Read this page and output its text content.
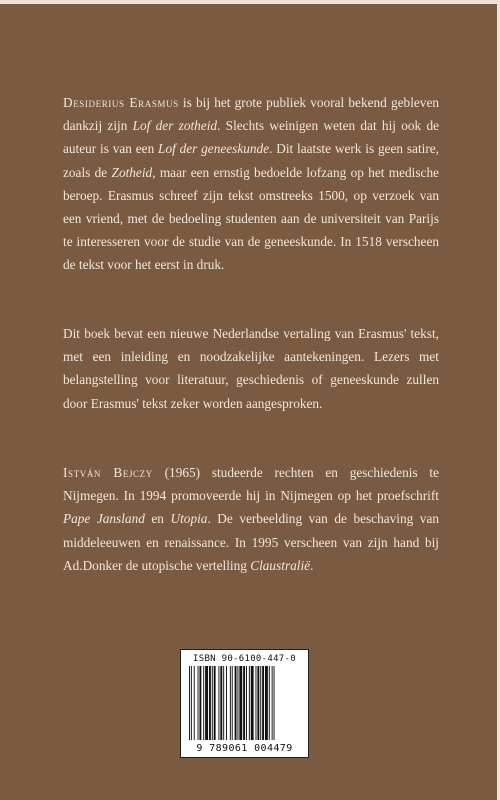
Desiderius Erasmus is bij het grote publiek vooral bekend gebleven dankzij zijn Lof der zotheid. Slechts weinigen weten dat hij ook de auteur is van een Lof der geneeskunde. Dit laatste werk is geen satire, zoals de Zotheid, maar een ernstig bedoelde lofzang op het medische beroep. Erasmus schreef zijn tekst omstreeks 1500, op verzoek van een vriend, met de bedoeling studenten aan de universiteit van Parijs te interesseren voor de studie van de geneeskunde. In 1518 verscheen de tekst voor het eerst in druk.
Dit boek bevat een nieuwe Nederlandse vertaling van Erasmus' tekst, met een inleiding en noodzakelijke aantekeningen. Lezers met belangstelling voor literatuur, geschiedenis of geneeskunde zullen door Erasmus' tekst zeker worden aangesproken.
István Bejczy (1965) studeerde rechten en geschiedenis te Nijmegen. In 1994 promoveerde hij in Nijmegen op het proefschrift Pape Jansland en Utopia. De verbeelding van de beschaving van middeleeuwen en renaissance. In 1995 verscheen van zijn hand bij Ad.Donker de utopische vertelling Claustralië.
ISBN 90-6100-447-0
9 789061 004479
